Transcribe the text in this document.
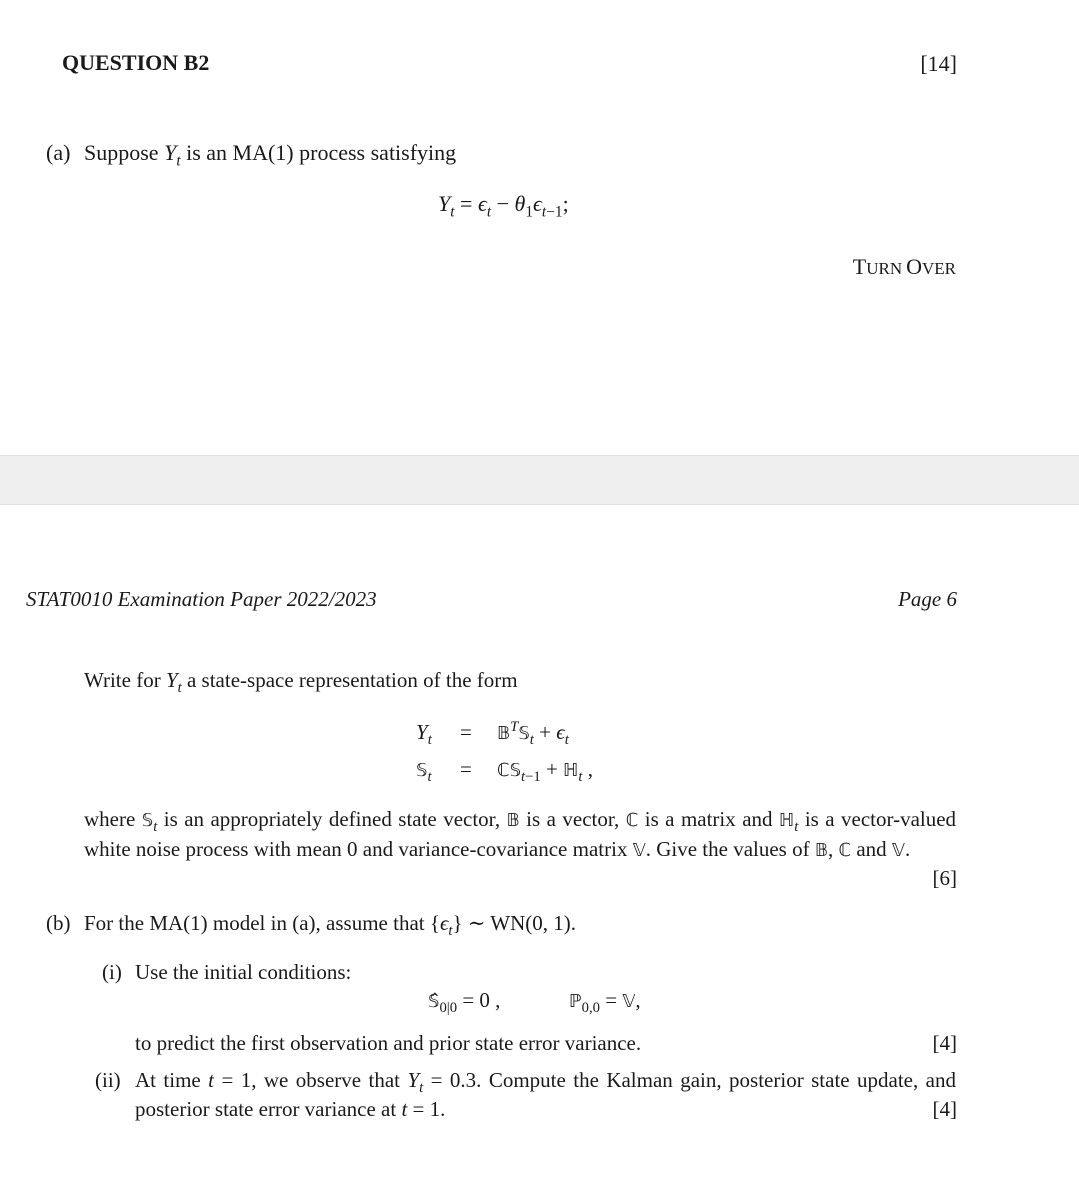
QUESTION B2	[14]
(a) Suppose $Y_t$ is an MA(1) process satisfying
$Y_t = \epsilon_t - \theta_1\epsilon_{t-1}$;
TURN OVER
STAT0010 Examination Paper 2022/2023	Page 6
Write for $Y_t$ a state-space representation of the form
$Y_t$ = 𝔹$^T$𝕊$_t$ + $\epsilon_t$
𝕊$_t$ = ℂ𝕊$_{t-1}$ + ℍ$_t$ ,
where 𝕊$_t$ is an appropriately defined state vector, 𝔹 is a vector, ℂ is a matrix and ℍ$_t$ is a vector-valued white noise process with mean 0 and variance-covariance matrix 𝕍. Give the values of 𝔹, ℂ and 𝕍.
[6]
(b) For the MA(1) model in (a), assume that $\{\epsilon_t\}$ ∼ WN(0, 1).
(i) Use the initial conditions:
$𝕊̂_{0|0} = 0$ ,	ℙ$_{0,0}$ = 𝕍,
to predict the first observation and prior state error variance.	[4]
(ii) At time t = 1, we observe that $Y_t = 0.3$. Compute the Kalman gain, posterior state update, and posterior state error variance at t = 1.	[4]
